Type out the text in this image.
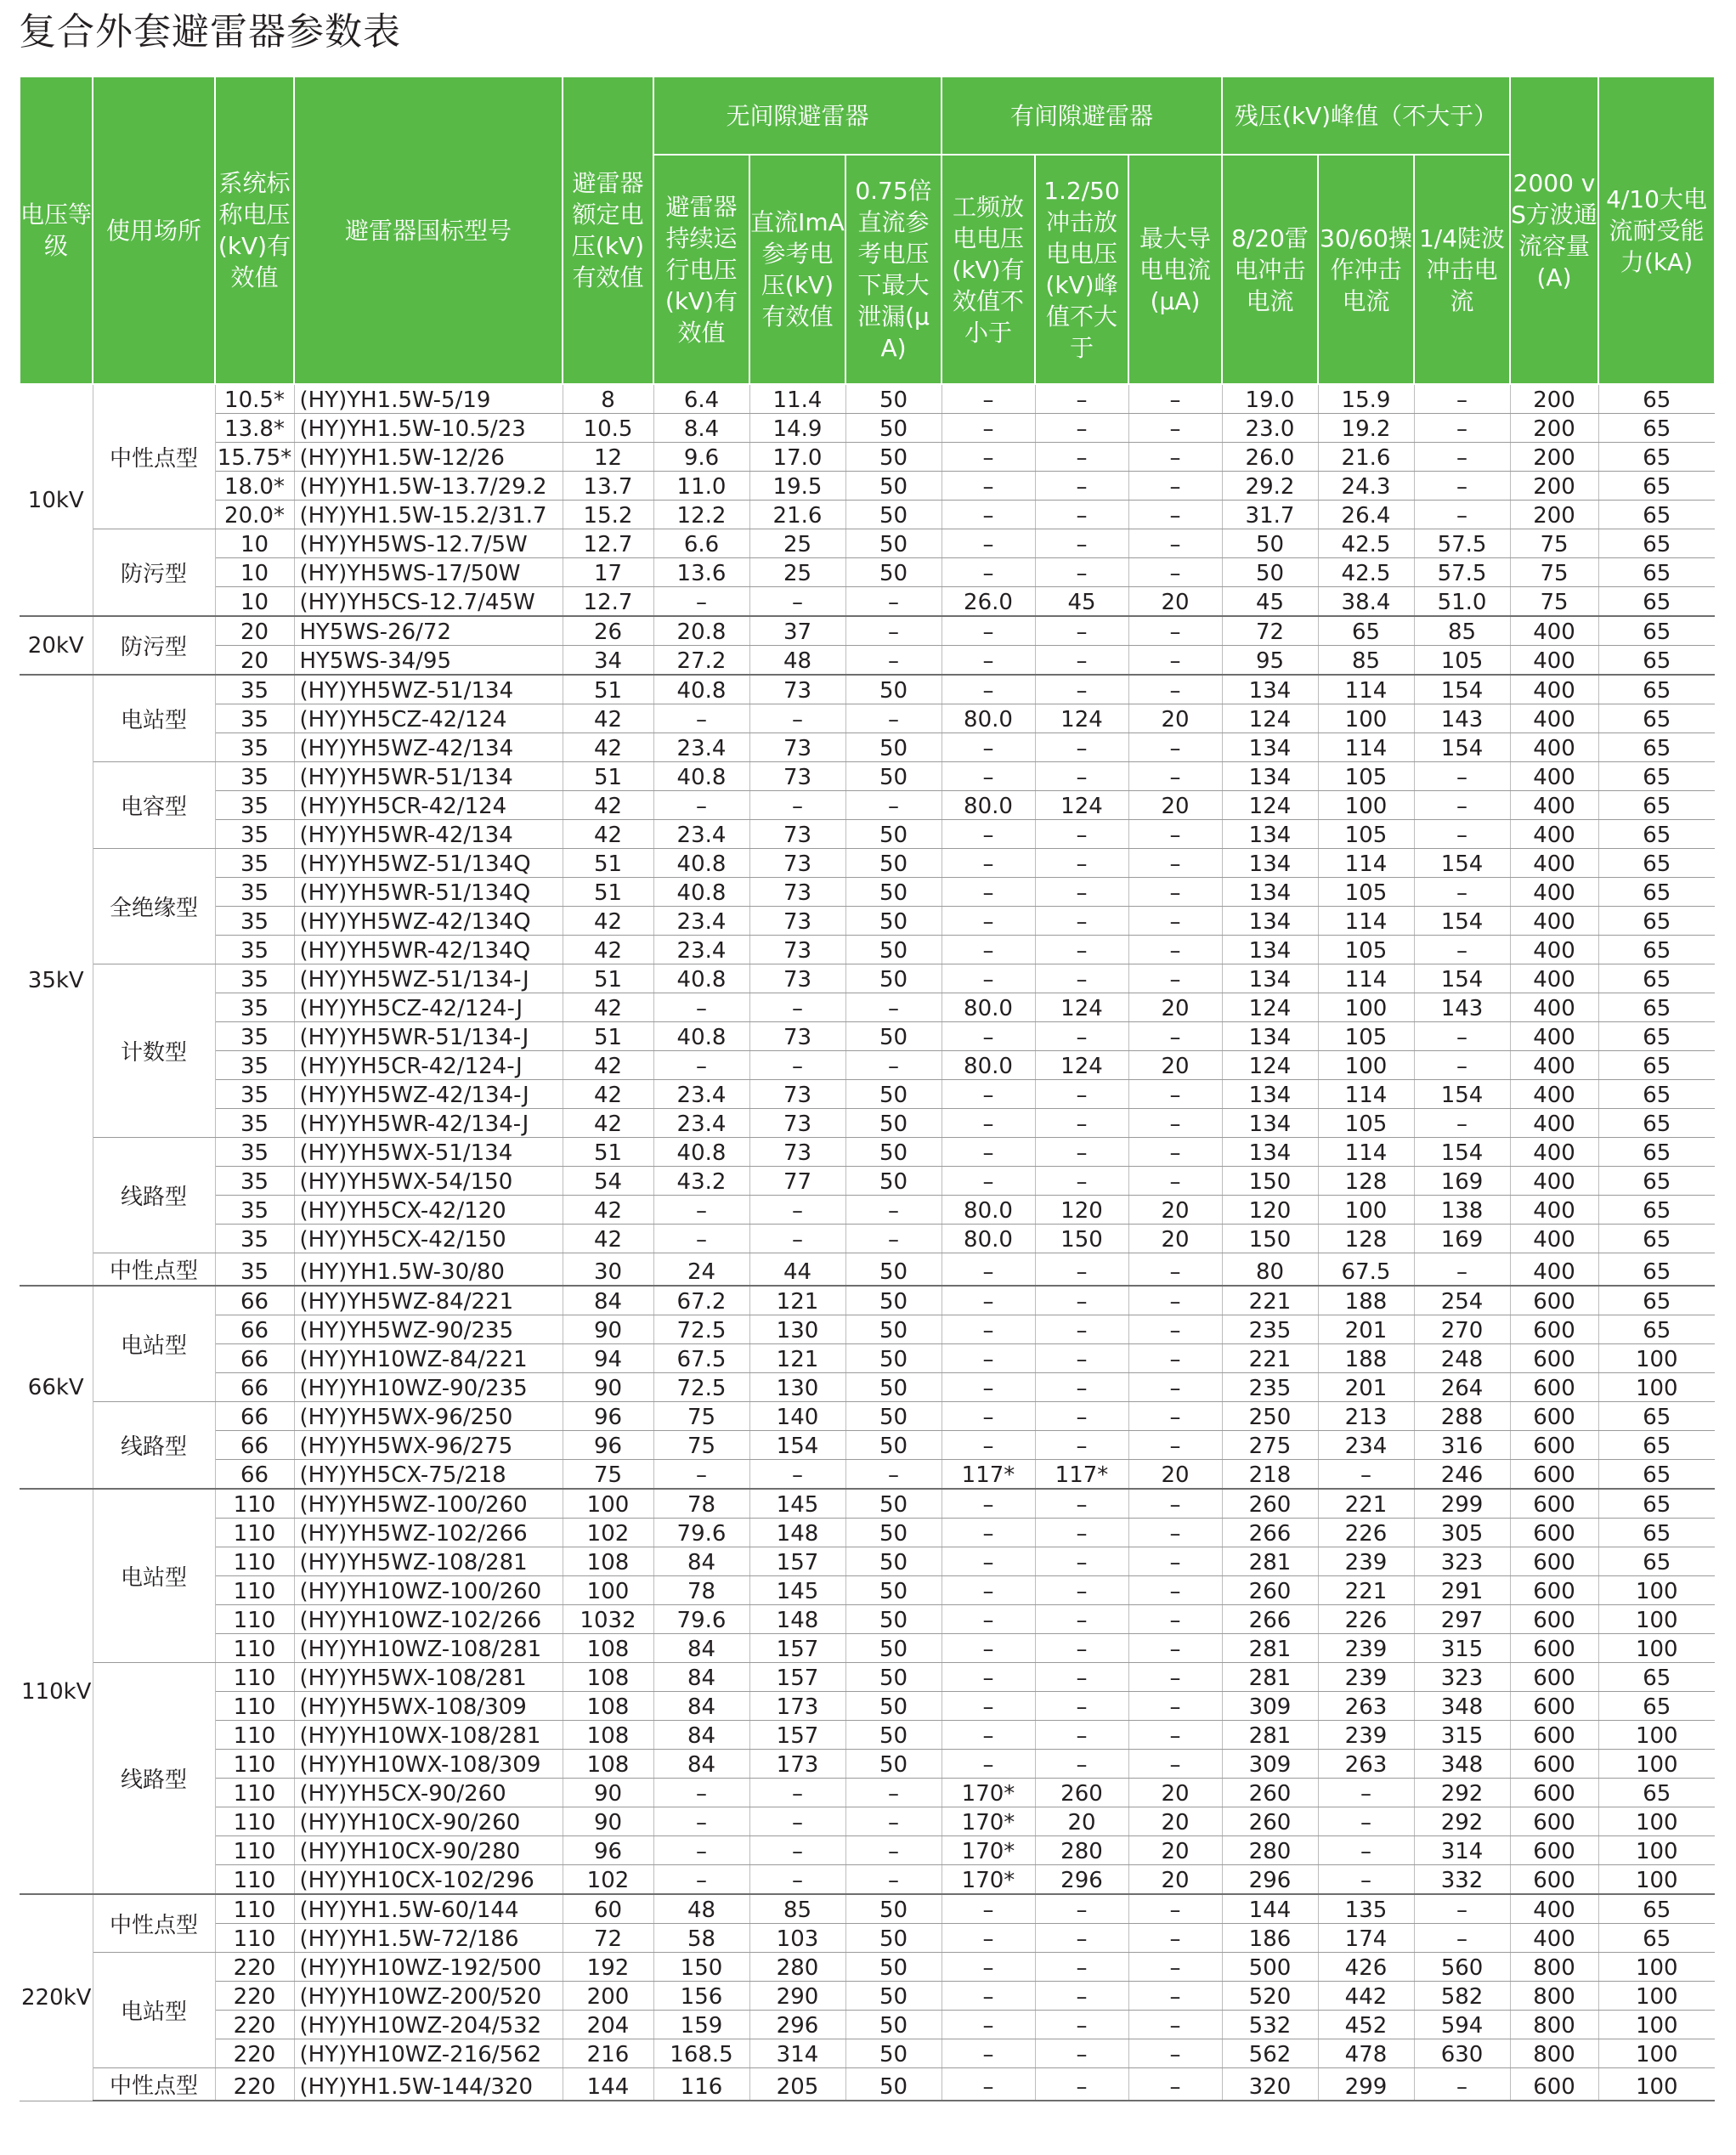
复合外套避雷器参数表
电压等级	使用场所	系统标称电压(kV)有效值	避雷器国标型号	避雷器额定电压(kV)有效值	无间隙避雷器			有间隙避雷器			残压(kV)峰值（不大于）			2000 vS方波通流容量(A)	4/10大电流耐受能力(kA)
					避雷器持续运行电压(kV)有效值	直流ImA参考电压(kV)有效值	0.75倍直流参考电压下最大泄漏(μA)	工频放电电压(kV)有效值不小于	1.2/50冲击放电电压(kV)峰值不大于	最大导电电流(μA)	8/20雷电冲击电流	30/60操作冲击电流	1/4陡波冲击电流		
10kV	中性点型	10.5*	(HY)YH1.5W-5/19	8	6.4	11.4	50	–	–	–	19.0	15.9	–	200	65
		13.8*	(HY)YH1.5W-10.5/23	10.5	8.4	14.9	50	–	–	–	23.0	19.2	–	200	65
		15.75*	(HY)YH1.5W-12/26	12	9.6	17.0	50	–	–	–	26.0	21.6	–	200	65
		18.0*	(HY)YH1.5W-13.7/29.2	13.7	11.0	19.5	50	–	–	–	29.2	24.3	–	200	65
		20.0*	(HY)YH1.5W-15.2/31.7	15.2	12.2	21.6	50	–	–	–	31.7	26.4	–	200	65
	防污型	10	(HY)YH5WS-12.7/5W	12.7	6.6	25	50	–	–	–	50	42.5	57.5	75	65
		10	(HY)YH5WS-17/50W	17	13.6	25	50	–	–	–	50	42.5	57.5	75	65
		10	(HY)YH5CS-12.7/45W	12.7	–	–	–	26.0	45	20	45	38.4	51.0	75	65
20kV	防污型	20	HY5WS-26/72	26	20.8	37	–	–	–	–	72	65	85	400	65
		20	HY5WS-34/95	34	27.2	48	–	–	–	–	95	85	105	400	65
35kV	电站型	35	(HY)YH5WZ-51/134	51	40.8	73	50	–	–	–	134	114	154	400	65
		35	(HY)YH5CZ-42/124	42	–	–	–	80.0	124	20	124	100	143	400	65
		35	(HY)YH5WZ-42/134	42	23.4	73	50	–	–	–	134	114	154	400	65
	电容型	35	(HY)YH5WR-51/134	51	40.8	73	50	–	–	–	134	105	–	400	65
		35	(HY)YH5CR-42/124	42	–	–	–	80.0	124	20	124	100	–	400	65
		35	(HY)YH5WR-42/134	42	23.4	73	50	–	–	–	134	105	–	400	65
	全绝缘型	35	(HY)YH5WZ-51/134Q	51	40.8	73	50	–	–	–	134	114	154	400	65
		35	(HY)YH5WR-51/134Q	51	40.8	73	50	–	–	–	134	105	–	400	65
		35	(HY)YH5WZ-42/134Q	42	23.4	73	50	–	–	–	134	114	154	400	65
		35	(HY)YH5WR-42/134Q	42	23.4	73	50	–	–	–	134	105	–	400	65
	计数型	35	(HY)YH5WZ-51/134-J	51	40.8	73	50	–	–	–	134	114	154	400	65
		35	(HY)YH5CZ-42/124-J	42	–	–	–	80.0	124	20	124	100	143	400	65
		35	(HY)YH5WR-51/134-J	51	40.8	73	50	–	–	–	134	105	–	400	65
		35	(HY)YH5CR-42/124-J	42	–	–	–	80.0	124	20	124	100	–	400	65
		35	(HY)YH5WZ-42/134-J	42	23.4	73	50	–	–	–	134	114	154	400	65
		35	(HY)YH5WR-42/134-J	42	23.4	73	50	–	–	–	134	105	–	400	65
	线路型	35	(HY)YH5WX-51/134	51	40.8	73	50	–	–	–	134	114	154	400	65
		35	(HY)YH5WX-54/150	54	43.2	77	50	–	–	–	150	128	169	400	65
		35	(HY)YH5CX-42/120	42	–	–	–	80.0	120	20	120	100	138	400	65
		35	(HY)YH5CX-42/150	42	–	–	–	80.0	150	20	150	128	169	400	65
	中性点型	35	(HY)YH1.5W-30/80	30	24	44	50	–	–	–	80	67.5	–	400	65
66kV	电站型	66	(HY)YH5WZ-84/221	84	67.2	121	50	–	–	–	221	188	254	600	65
		66	(HY)YH5WZ-90/235	90	72.5	130	50	–	–	–	235	201	270	600	65
		66	(HY)YH10WZ-84/221	94	67.5	121	50	–	–	–	221	188	248	600	100
		66	(HY)YH10WZ-90/235	90	72.5	130	50	–	–	–	235	201	264	600	100
	线路型	66	(HY)YH5WX-96/250	96	75	140	50	–	–	–	250	213	288	600	65
		66	(HY)YH5WX-96/275	96	75	154	50	–	–	–	275	234	316	600	65
		66	(HY)YH5CX-75/218	75	–	–	–	117*	117*	20	218	–	246	600	65
110kV	电站型	110	(HY)YH5WZ-100/260	100	78	145	50	–	–	–	260	221	299	600	65
		110	(HY)YH5WZ-102/266	102	79.6	148	50	–	–	–	266	226	305	600	65
		110	(HY)YH5WZ-108/281	108	84	157	50	–	–	–	281	239	323	600	65
		110	(HY)YH10WZ-100/260	100	78	145	50	–	–	–	260	221	291	600	100
		110	(HY)YH10WZ-102/266	1032	79.6	148	50	–	–	–	266	226	297	600	100
		110	(HY)YH10WZ-108/281	108	84	157	50	–	–	–	281	239	315	600	100
	线路型	110	(HY)YH5WX-108/281	108	84	157	50	–	–	–	281	239	323	600	65
		110	(HY)YH5WX-108/309	108	84	173	50	–	–	–	309	263	348	600	65
		110	(HY)YH10WX-108/281	108	84	157	50	–	–	–	281	239	315	600	100
		110	(HY)YH10WX-108/309	108	84	173	50	–	–	–	309	263	348	600	100
		110	(HY)YH5CX-90/260	90	–	–	–	170*	260	20	260	–	292	600	65
		110	(HY)YH10CX-90/260	90	–	–	–	170*	20	20	260	–	292	600	100
		110	(HY)YH10CX-90/280	96	–	–	–	170*	280	20	280	–	314	600	100
		110	(HY)YH10CX-102/296	102	–	–	–	170*	296	20	296	–	332	600	100
220kV	中性点型	110	(HY)YH1.5W-60/144	60	48	85	50	–	–	–	144	135	–	400	65
		110	(HY)YH1.5W-72/186	72	58	103	50	–	–	–	186	174	–	400	65
	电站型	220	(HY)YH10WZ-192/500	192	150	280	50	–	–	–	500	426	560	800	100
		220	(HY)YH10WZ-200/520	200	156	290	50	–	–	–	520	442	582	800	100
		220	(HY)YH10WZ-204/532	204	159	296	50	–	–	–	532	452	594	800	100
		220	(HY)YH10WZ-216/562	216	168.5	314	50	–	–	–	562	478	630	800	100
	中性点型	220	(HY)YH1.5W-144/320	144	116	205	50	–	–	–	320	299	–	600	100
